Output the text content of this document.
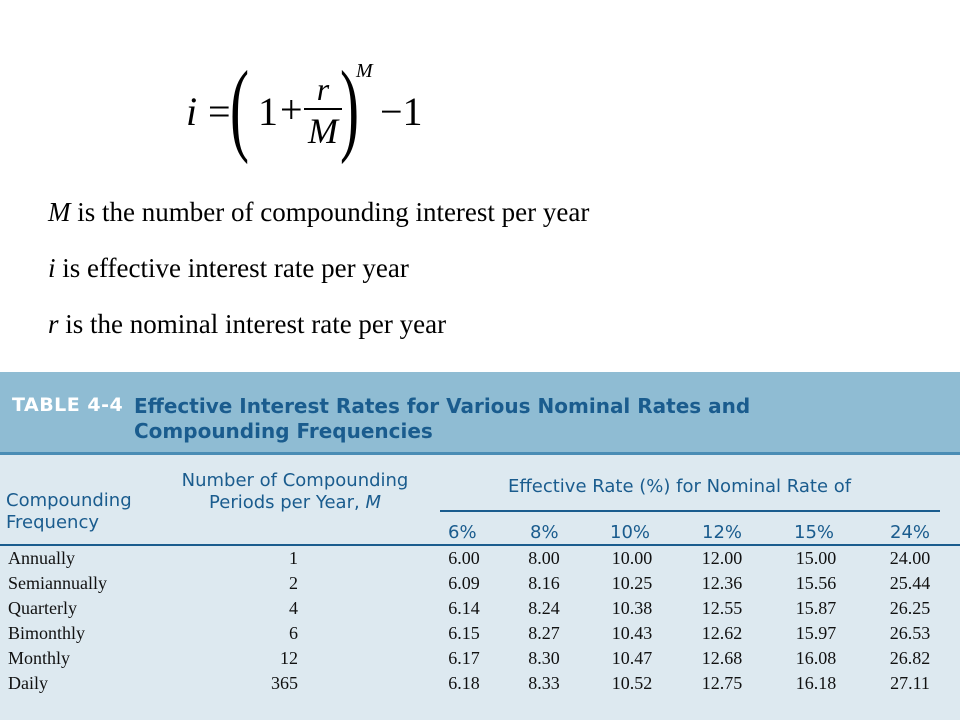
i = ( 1 + r
M )
M
−1
M is the number of compounding interest per year
i is effective interest rate per year
r is the nominal interest rate per year
TABLE 4-4 Effective Interest Rates for Various Nominal Rates and Compounding Frequencies
Compounding Frequency
Number of Compounding Periods per Year, M
Effective Rate (%) for Nominal Rate of
6%	8%	10%	12%	15%	24%
Annually	1	6.00	8.00	10.00	12.00	15.00	24.00
Semiannually	2	6.09	8.16	10.25	12.36	15.56	25.44
Quarterly	4	6.14	8.24	10.38	12.55	15.87	26.25
Bimonthly	6	6.15	8.27	10.43	12.62	15.97	26.53
Monthly	12	6.17	8.30	10.47	12.68	16.08	26.82
Daily	365	6.18	8.33	10.52	12.75	16.18	27.11
